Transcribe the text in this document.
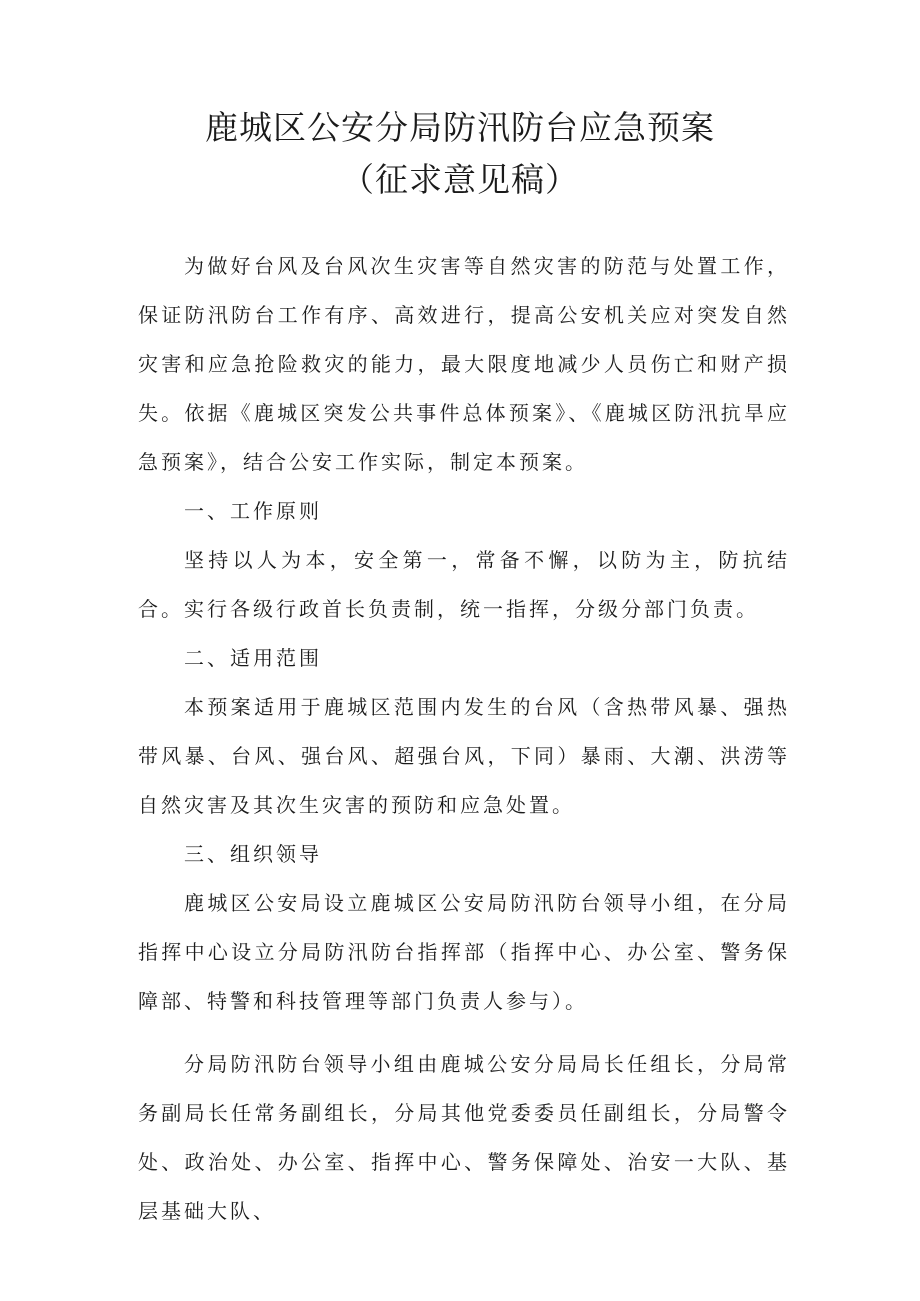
鹿城区公安分局防汛防台应急预案
（征求意见稿）

为做好台风及台风次生灾害等自然灾害的防范与处置工作，保证防汛防台工作有序、高效进行，提高公安机关应对突发自然灾害和应急抢险救灾的能力，最大限度地减少人员伤亡和财产损失。依据《鹿城区突发公共事件总体预案》、《鹿城区防汛抗旱应急预案》，结合公安工作实际，制定本预案。

一、工作原则

坚持以人为本，安全第一，常备不懈，以防为主，防抗结合。实行各级行政首长负责制，统一指挥，分级分部门负责。

二、适用范围

本预案适用于鹿城区范围内发生的台风（含热带风暴、强热带风暴、台风、强台风、超强台风，下同）暴雨、大潮、洪涝等自然灾害及其次生灾害的预防和应急处置。

三、组织领导

鹿城区公安局设立鹿城区公安局防汛防台领导小组，在分局指挥中心设立分局防汛防台指挥部（指挥中心、办公室、警务保障部、特警和科技管理等部门负责人参与）。

分局防汛防台领导小组由鹿城公安分局局长任组长，分局常务副局长任常务副组长，分局其他党委委员任副组长，分局警令处、政治处、办公室、指挥中心、警务保障处、治安一大队、基层基础大队、
